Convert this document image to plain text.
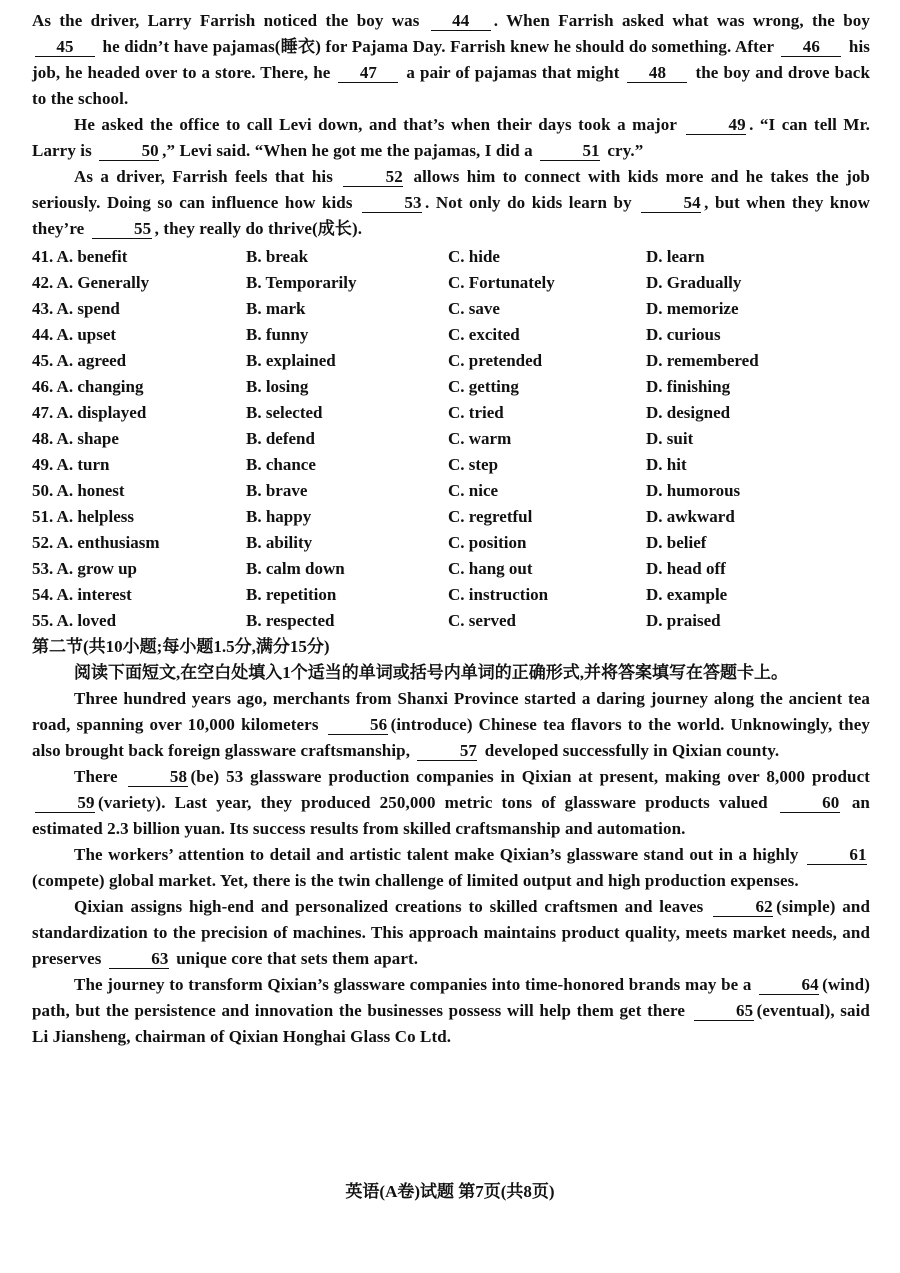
As the driver, Larry Farrish noticed the boy was 44 . When Farrish asked what was wrong, the boy 45 he didn’t have pajamas(睡衣) for Pajama Day. Farrish knew he should do something. After 46 his job, he headed over to a store. There, he 47 a pair of pajamas that might 48 the boy and drove back to the school.

He asked the office to call Levi down, and that’s when their days took a major	49 . “I can tell Mr. Larry is	50 ,” Levi said. “When he got me the pajamas, I did a	51 cry.”

As a driver, Farrish feels that his	52 allows him to connect with kids more and he takes the job seriously. Doing so can influence how kids	53 . Not only do kids learn by	54 , but when they know they’re	55 , they really do thrive(成长).

41. A. benefit	B. break	C. hide	D. learn
42. A. Generally	B. Temporarily	C. Fortunately	D. Gradually
43. A. spend	B. mark	C. save	D. memorize
44. A. upset	B. funny	C. excited	D. curious
45. A. agreed	B. explained	C. pretended	D. remembered
46. A. changing	B. losing	C. getting	D. finishing
47. A. displayed	B. selected	C. tried	D. designed
48. A. shape	B. defend	C. warm	D. suit
49. A. turn	B. chance	C. step	D. hit
50. A. honest	B. brave	C. nice	D. humorous
51. A. helpless	B. happy	C. regretful	D. awkward
52. A. enthusiasm	B. ability	C. position	D. belief
53. A. grow up	B. calm down	C. hang out	D. head off
54. A. interest	B. repetition	C. instruction	D. example
55. A. loved	B. respected	C. served	D. praised

第二节(共10小题;每小题1.5分,满分15分)

阅读下面短文,在空白处填入1个适当的单词或括号内单词的正确形式,并将答案填写在答题卡上。

Three hundred years ago, merchants from Shanxi Province started a daring journey along the ancient tea road, spanning over 10,000 kilometers	56 (introduce) Chinese tea flavors to the world. Unknowingly, they also brought back foreign glassware craftsmanship,	57 developed successfully in Qixian county.

There	58 (be) 53 glassware production companies in Qixian at present, making over 8,000 product 59 (variety). Last year, they produced 250,000 metric tons of glassware products valued	60 an estimated 2.3 billion yuan. Its success results from skilled craftsmanship and automation.

The workers’ attention to detail and artistic talent make Qixian’s glassware stand out in a highly	61(compete) global market. Yet, there is the twin challenge of limited output and high production expenses.

Qixian assigns high-end and personalized creations to skilled craftsmen and leaves	62 (simple) and standardization to the precision of machines. This approach maintains product quality, meets market needs, and preserves	63 unique core that sets them apart.

The journey to transform Qixian’s glassware companies into time-honored brands may be a	64 (wind) path, but the persistence and innovation the businesses possess will help them get there	65 (eventual), said Li Jiansheng, chairman of Qixian Honghai Glass Co Ltd.

英语(A卷)试题 第7页(共8页)
